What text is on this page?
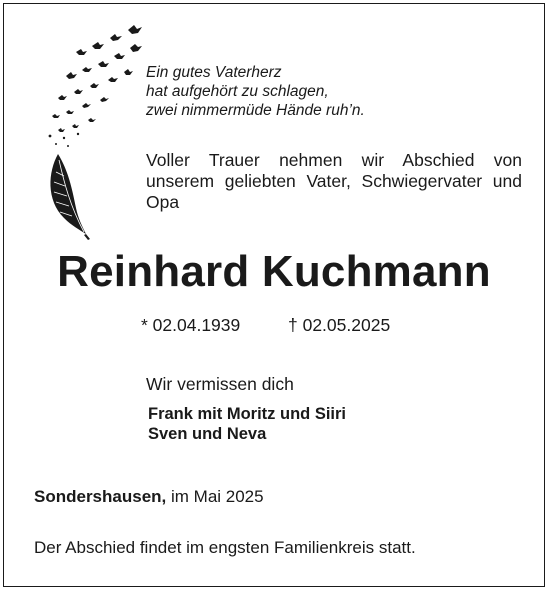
Ein gutes Vaterherz
hat aufgehört zu schlagen,
zwei nimmermüde Hände ruh’n.
Voller Trauer nehmen wir Abschied von unserem geliebten Vater, Schwiegervater und Opa
Reinhard Kuchmann
* 02.04.1939	† 02.05.2025
Wir vermissen dich
Frank mit Moritz und Siiri
Sven und Neva
Sondershausen, im Mai 2025
Der Abschied findet im engsten Familienkreis statt.
